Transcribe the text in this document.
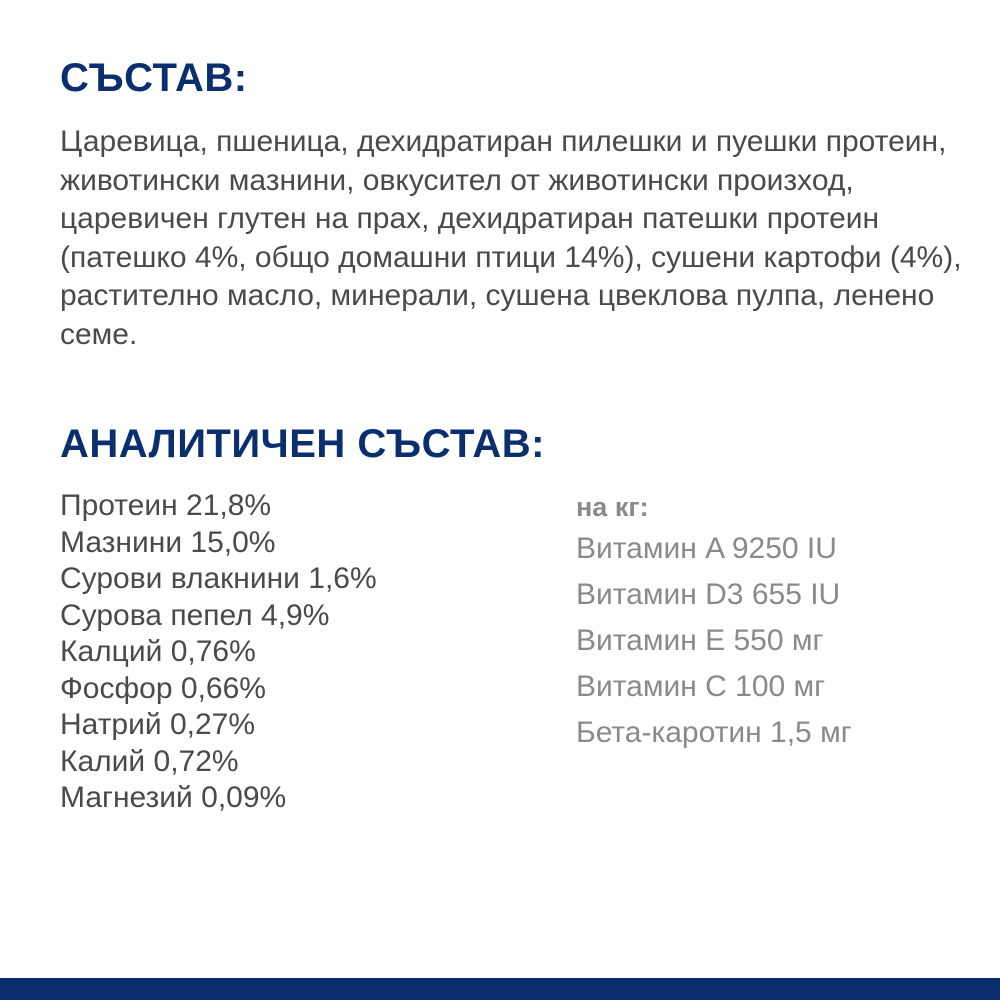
СЪСТАВ:

Царевица, пшеница, дехидратиран пилешки и пуешки протеин, животински мазнини, овкусител от животински произход, царевичен глутен на прах, дехидратиран патешки протеин (патешко 4%, общо домашни птици 14%), сушени картофи (4%), растително масло, минерали, сушена цвеклова пулпа, ленено семе.

АНАЛИТИЧЕН СЪСТАВ:
Протеин 21,8%
Мазнини 15,0%
Сурови влакнини 1,6%
Сурова пепел 4,9%
Калций 0,76%
Фосфор 0,66%
Натрий 0,27%
Калий 0,72%
Магнезий 0,09%
на кг:
Витамин A 9250 IU
Витамин D3 655 IU
Витамин E 550 мг
Витамин C 100 мг
Бета-каротин 1,5 мг
